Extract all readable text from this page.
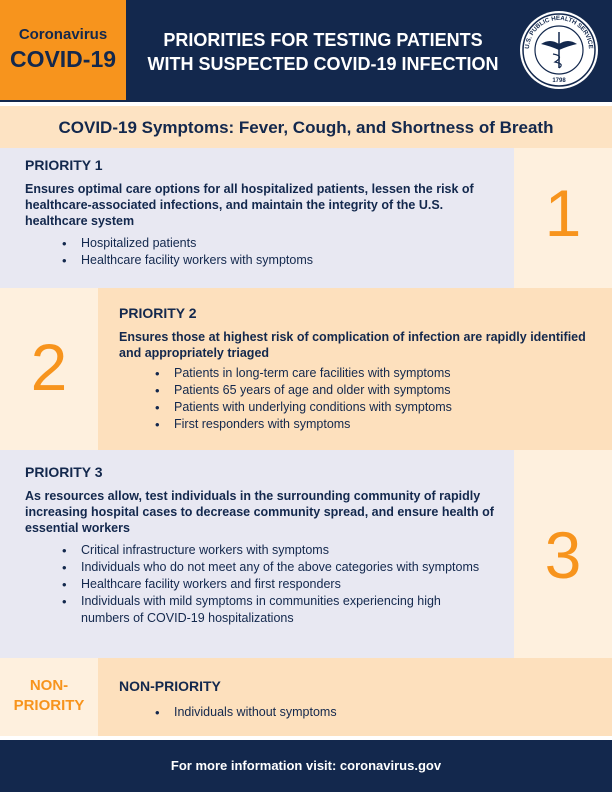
Coronavirus
COVID-19
PRIORITIES FOR TESTING PATIENTS
WITH SUSPECTED COVID-19 INFECTION
U.S. PUBLIC HEALTH SERVICE
1798
COVID-19 Symptoms: Fever, Cough, and Shortness of Breath
PRIORITY 1
Ensures optimal care options for all hospitalized patients, lessen the risk of healthcare-associated infections, and maintain the integrity of the U.S. healthcare system
• Hospitalized patients
• Healthcare facility workers with symptoms
1
2
PRIORITY 2
Ensures those at highest risk of complication of infection are rapidly identified and appropriately triaged
• Patients in long-term care facilities with symptoms
• Patients 65 years of age and older with symptoms
• Patients with underlying conditions with symptoms
• First responders with symptoms
PRIORITY 3
As resources allow, test individuals in the surrounding community of rapidly increasing hospital cases to decrease community spread, and ensure health of essential workers
• Critical infrastructure workers with symptoms
• Individuals who do not meet any of the above categories with symptoms
• Healthcare facility workers and first responders
• Individuals with mild symptoms in communities experiencing high numbers of COVID-19 hospitalizations
3
NON-
PRIORITY
NON-PRIORITY
• Individuals without symptoms
For more information visit: coronavirus.gov
